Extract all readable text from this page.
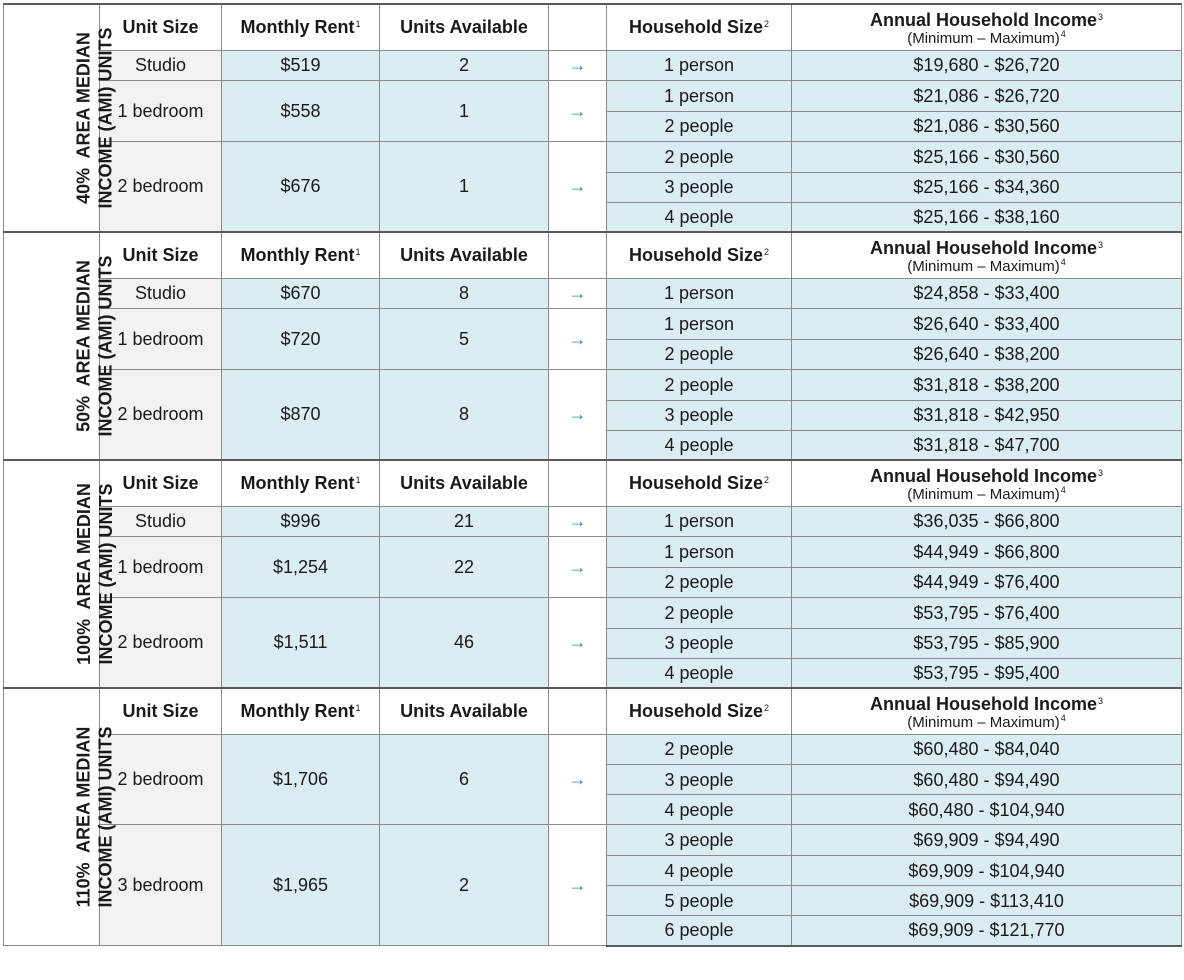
40%  AREA MEDIAN INCOME (AMI) UNITS	Unit Size	Monthly Rent$^1$	Units Available		Household Size$^2$	Annual Household Income$^3$
(Minimum – Maximum)$^4$

	Studio	$519	2	→	1 person	$19,680 - $26,720
	1 bedroom	$558	1	→	1 person	$21,086 - $26,720
					2 people	$21,086 - $30,560
	2 bedroom	$676	1	→	2 people	$25,166 - $30,560
					3 people	$25,166 - $34,360
					4 people	$25,166 - $38,160
50%  AREA MEDIAN INCOME (AMI) UNITS	Unit Size	Monthly Rent$^1$	Units Available		Household Size$^2$	Annual Household Income$^3$
(Minimum – Maximum)$^4$

	Studio	$670	8	→	1 person	$24,858 - $33,400
	1 bedroom	$720	5	→	1 person	$26,640 - $33,400
					2 people	$26,640 - $38,200
	2 bedroom	$870	8	→	2 people	$31,818 - $38,200
					3 people	$31,818 - $42,950
					4 people	$31,818 - $47,700
100%  AREA MEDIAN INCOME (AMI) UNITS	Unit Size	Monthly Rent$^1$	Units Available		Household Size$^2$	Annual Household Income$^3$
(Minimum – Maximum)$^4$

	Studio	$996	21	→	1 person	$36,035 - $66,800
	1 bedroom	$1,254	22	→	1 person	$44,949 - $66,800
					2 people	$44,949 - $76,400
	2 bedroom	$1,511	46	→	2 people	$53,795 - $76,400
					3 people	$53,795 - $85,900
					4 people	$53,795 - $95,400
110%  AREA MEDIAN INCOME (AMI) UNITS	Unit Size	Monthly Rent$^1$	Units Available		Household Size$^2$	Annual Household Income$^3$
(Minimum – Maximum)$^4$

	2 bedroom	$1,706	6	→	2 people	$60,480 - $84,040
					3 people	$60,480 - $94,490
					4 people	$60,480 - $104,940
	3 bedroom	$1,965	2	→	3 people	$69,909 - $94,490
					4 people	$69,909 - $104,940
					5 people	$69,909 - $113,410
					6 people	$69,909 - $121,770
